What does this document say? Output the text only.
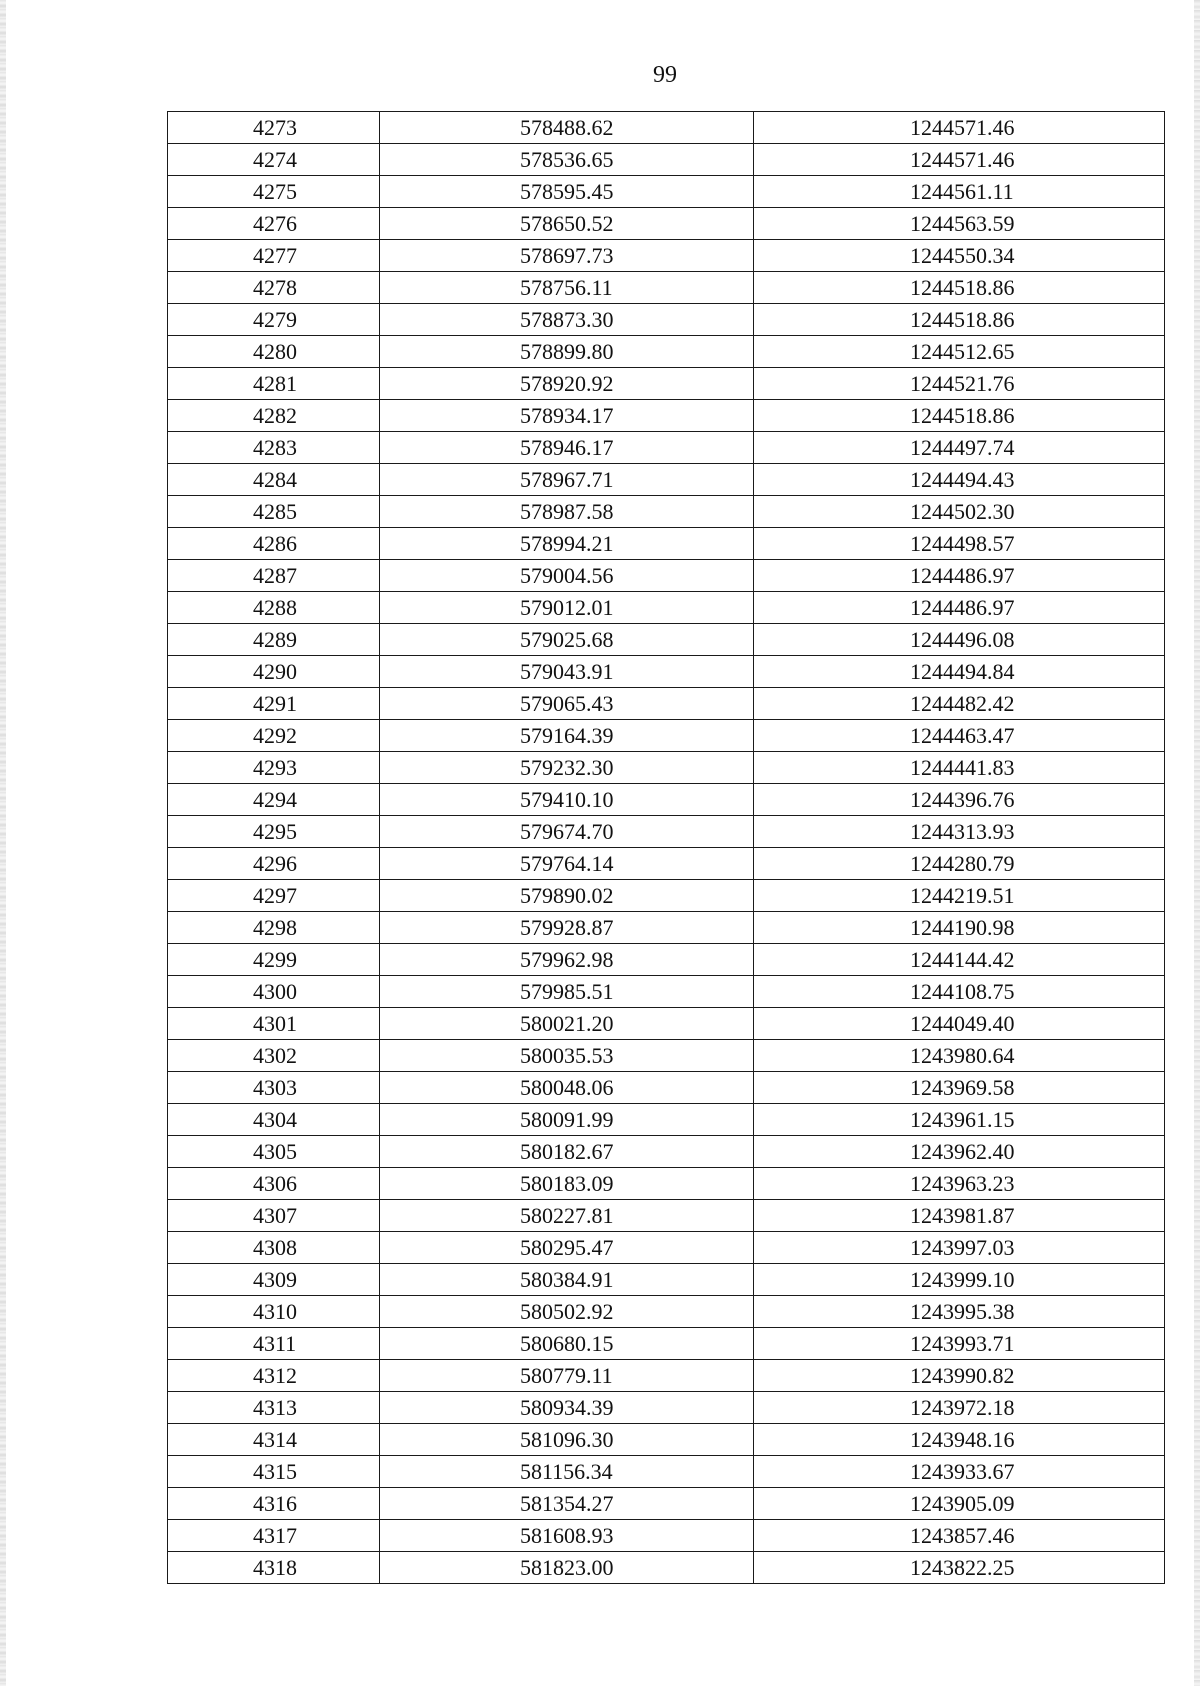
99
4273	578488.62	1244571.46
4274	578536.65	1244571.46
4275	578595.45	1244561.11
4276	578650.52	1244563.59
4277	578697.73	1244550.34
4278	578756.11	1244518.86
4279	578873.30	1244518.86
4280	578899.80	1244512.65
4281	578920.92	1244521.76
4282	578934.17	1244518.86
4283	578946.17	1244497.74
4284	578967.71	1244494.43
4285	578987.58	1244502.30
4286	578994.21	1244498.57
4287	579004.56	1244486.97
4288	579012.01	1244486.97
4289	579025.68	1244496.08
4290	579043.91	1244494.84
4291	579065.43	1244482.42
4292	579164.39	1244463.47
4293	579232.30	1244441.83
4294	579410.10	1244396.76
4295	579674.70	1244313.93
4296	579764.14	1244280.79
4297	579890.02	1244219.51
4298	579928.87	1244190.98
4299	579962.98	1244144.42
4300	579985.51	1244108.75
4301	580021.20	1244049.40
4302	580035.53	1243980.64
4303	580048.06	1243969.58
4304	580091.99	1243961.15
4305	580182.67	1243962.40
4306	580183.09	1243963.23
4307	580227.81	1243981.87
4308	580295.47	1243997.03
4309	580384.91	1243999.10
4310	580502.92	1243995.38
4311	580680.15	1243993.71
4312	580779.11	1243990.82
4313	580934.39	1243972.18
4314	581096.30	1243948.16
4315	581156.34	1243933.67
4316	581354.27	1243905.09
4317	581608.93	1243857.46
4318	581823.00	1243822.25
